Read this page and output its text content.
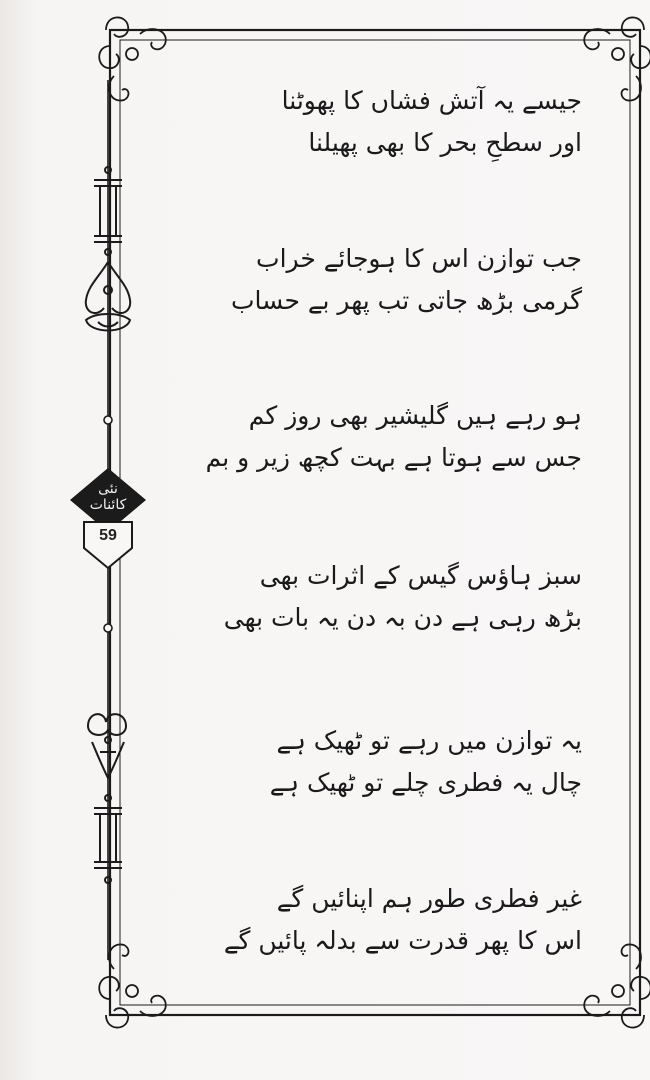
نئی کائنات
59
جیسے یہ آتش فشاں کا پھوٹنا
اور سطحِ بحر کا بھی پھیلنا
جب توازن اس کا ہوجائے خراب
گرمی بڑھ جاتی تب پھر بے حساب
ہو رہے ہیں گلیشیر بھی روز کم
جس سے ہوتا ہے بہت کچھ زیر و بم
سبز ہاؤس گیس کے اثرات بھی
بڑھ رہی ہے دن بہ دن یہ بات بھی
یہ توازن میں رہے تو ٹھیک ہے
چال یہ فطری چلے تو ٹھیک ہے
غیر فطری طور ہم اپنائیں گے
اس کا پھر قدرت سے بدلہ پائیں گے
